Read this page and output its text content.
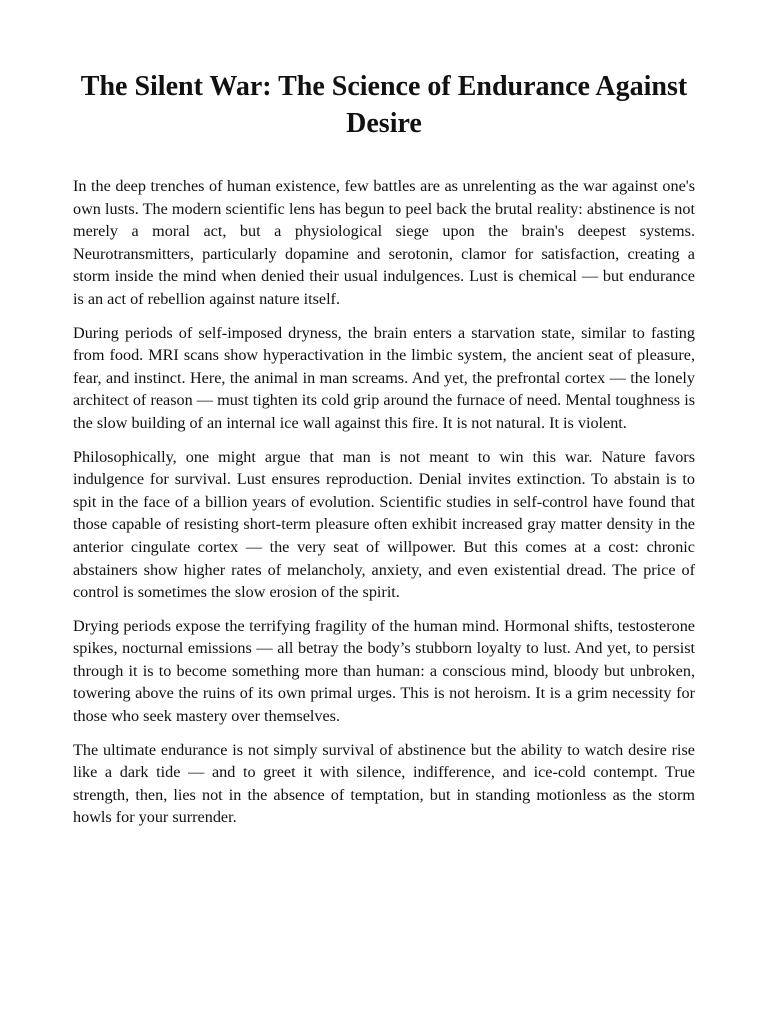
The Silent War: The Science of Endurance Against Desire

In the deep trenches of human existence, few battles are as unrelenting as the war against one's own lusts. The modern scientific lens has begun to peel back the brutal reality: abstinence is not merely a moral act, but a physiological siege upon the brain's deepest systems. Neurotransmitters, particularly dopamine and serotonin, clamor for satisfaction, creating a storm inside the mind when denied their usual indulgences. Lust is chemical — but endurance is an act of rebellion against nature itself.

During periods of self-imposed dryness, the brain enters a starvation state, similar to fasting from food. MRI scans show hyperactivation in the limbic system, the ancient seat of pleasure, fear, and instinct. Here, the animal in man screams. And yet, the prefrontal cortex — the lonely architect of reason — must tighten its cold grip around the furnace of need. Mental toughness is the slow building of an internal ice wall against this fire. It is not natural. It is violent.

Philosophically, one might argue that man is not meant to win this war. Nature favors indulgence for survival. Lust ensures reproduction. Denial invites extinction. To abstain is to spit in the face of a billion years of evolution. Scientific studies in self-control have found that those capable of resisting short-term pleasure often exhibit increased gray matter density in the anterior cingulate cortex — the very seat of willpower. But this comes at a cost: chronic abstainers show higher rates of melancholy, anxiety, and even existential dread. The price of control is sometimes the slow erosion of the spirit.

Drying periods expose the terrifying fragility of the human mind. Hormonal shifts, testosterone spikes, nocturnal emissions — all betray the body’s stubborn loyalty to lust. And yet, to persist through it is to become something more than human: a conscious mind, bloody but unbroken, towering above the ruins of its own primal urges. This is not heroism. It is a grim necessity for those who seek mastery over themselves.

The ultimate endurance is not simply survival of abstinence but the ability to watch desire rise like a dark tide — and to greet it with silence, indifference, and ice-cold contempt. True strength, then, lies not in the absence of temptation, but in standing motionless as the storm howls for your surrender.
